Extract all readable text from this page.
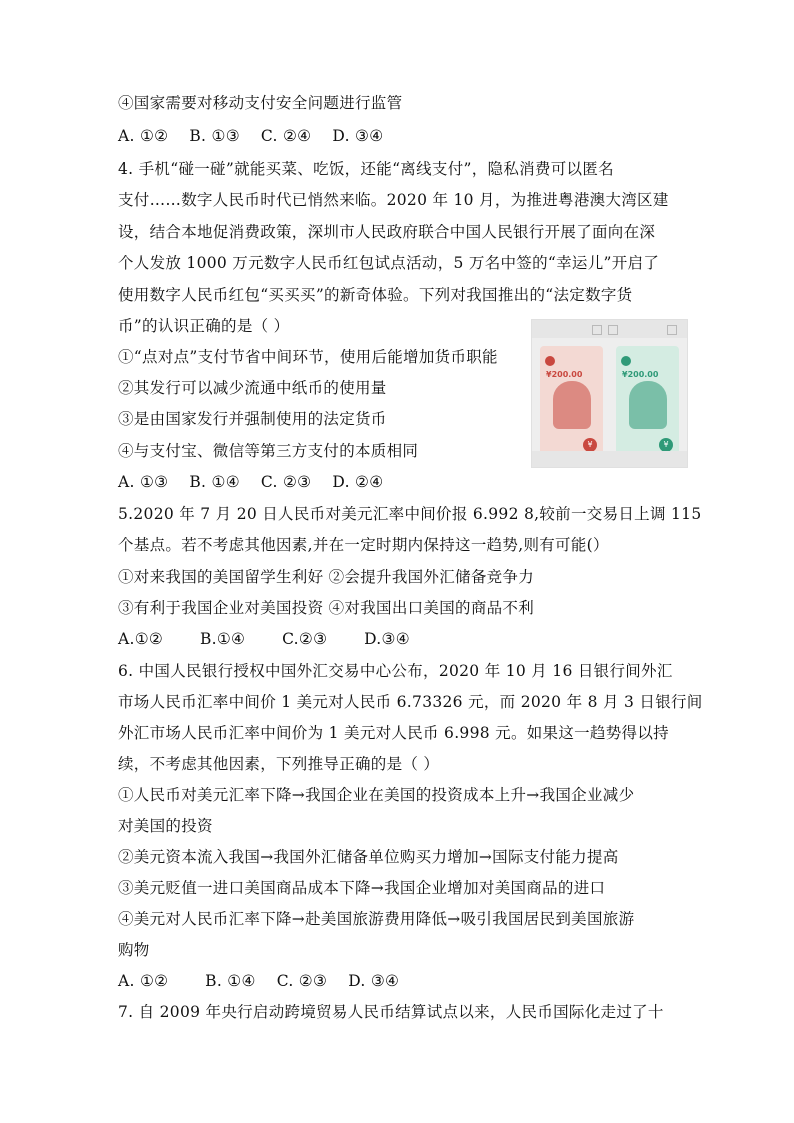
④国家需要对移动支付安全问题进行监管
A. ①②　 B. ①③　 C. ②④　 D. ③④
4. 手机“碰一碰”就能买菜、吃饭，还能“离线支付”，隐私消费可以匿名
支付……数字人民币时代已悄然来临。2020 年 10 月，为推进粤港澳大湾区建
设，结合本地促消费政策，深圳市人民政府联合中国人民银行开展了面向在深
个人发放 1000 万元数字人民币红包试点活动，5 万名中签的“幸运儿”开启了
使用数字人民币红包“买买买”的新奇体验。下列对我国推出的“法定数字货
币”的认识正确的是（ ）
①“点对点”支付节省中间环节，使用后能增加货币职能
②其发行可以减少流通中纸币的使用量
③是由国家发行并强制使用的法定货币
④与支付宝、微信等第三方支付的本质相同
A. ①③　 B. ①④　 C. ②③　 D. ②④
5.2020 年 7 月 20 日人民币对美元汇率中间价报 6.992 8,较前一交易日上调 115
个基点。若不考虑其他因素,并在一定时期内保持这一趋势,则有可能(）
①对来我国的美国留学生利好 ②会提升我国外汇储备竞争力
③有利于我国企业对美国投资 ④对我国出口美国的商品不利
A.①②　　 B.①④　　 C.②③　　 D.③④
6. 中国人民银行授权中国外汇交易中心公布，2020 年 10 月 16 日银行间外汇
市场人民币汇率中间价 1 美元对人民币 6.73326 元，而 2020 年 8 月 3 日银行间
外汇市场人民币汇率中间价为 1 美元对人民币 6.998 元。如果这一趋势得以持
续，不考虑其他因素，下列推导正确的是（ ）
①人民币对美元汇率下降→我国企业在美国的投资成本上升→我国企业减少
对美国的投资
②美元资本流入我国→我国外汇储备单位购买力增加→国际支付能力提高
③美元贬值一进口美国商品成本下降→我国企业增加对美国商品的进口
④美元对人民币汇率下降→赴美国旅游费用降低→吸引我国居民到美国旅游
购物
A. ①②　　 B. ①④　 C. ②③　 D. ③④
7. 自 2009 年央行启动跨境贸易人民币结算试点以来，人民币国际化走过了十
¥200.00
¥
¥200.00
¥
